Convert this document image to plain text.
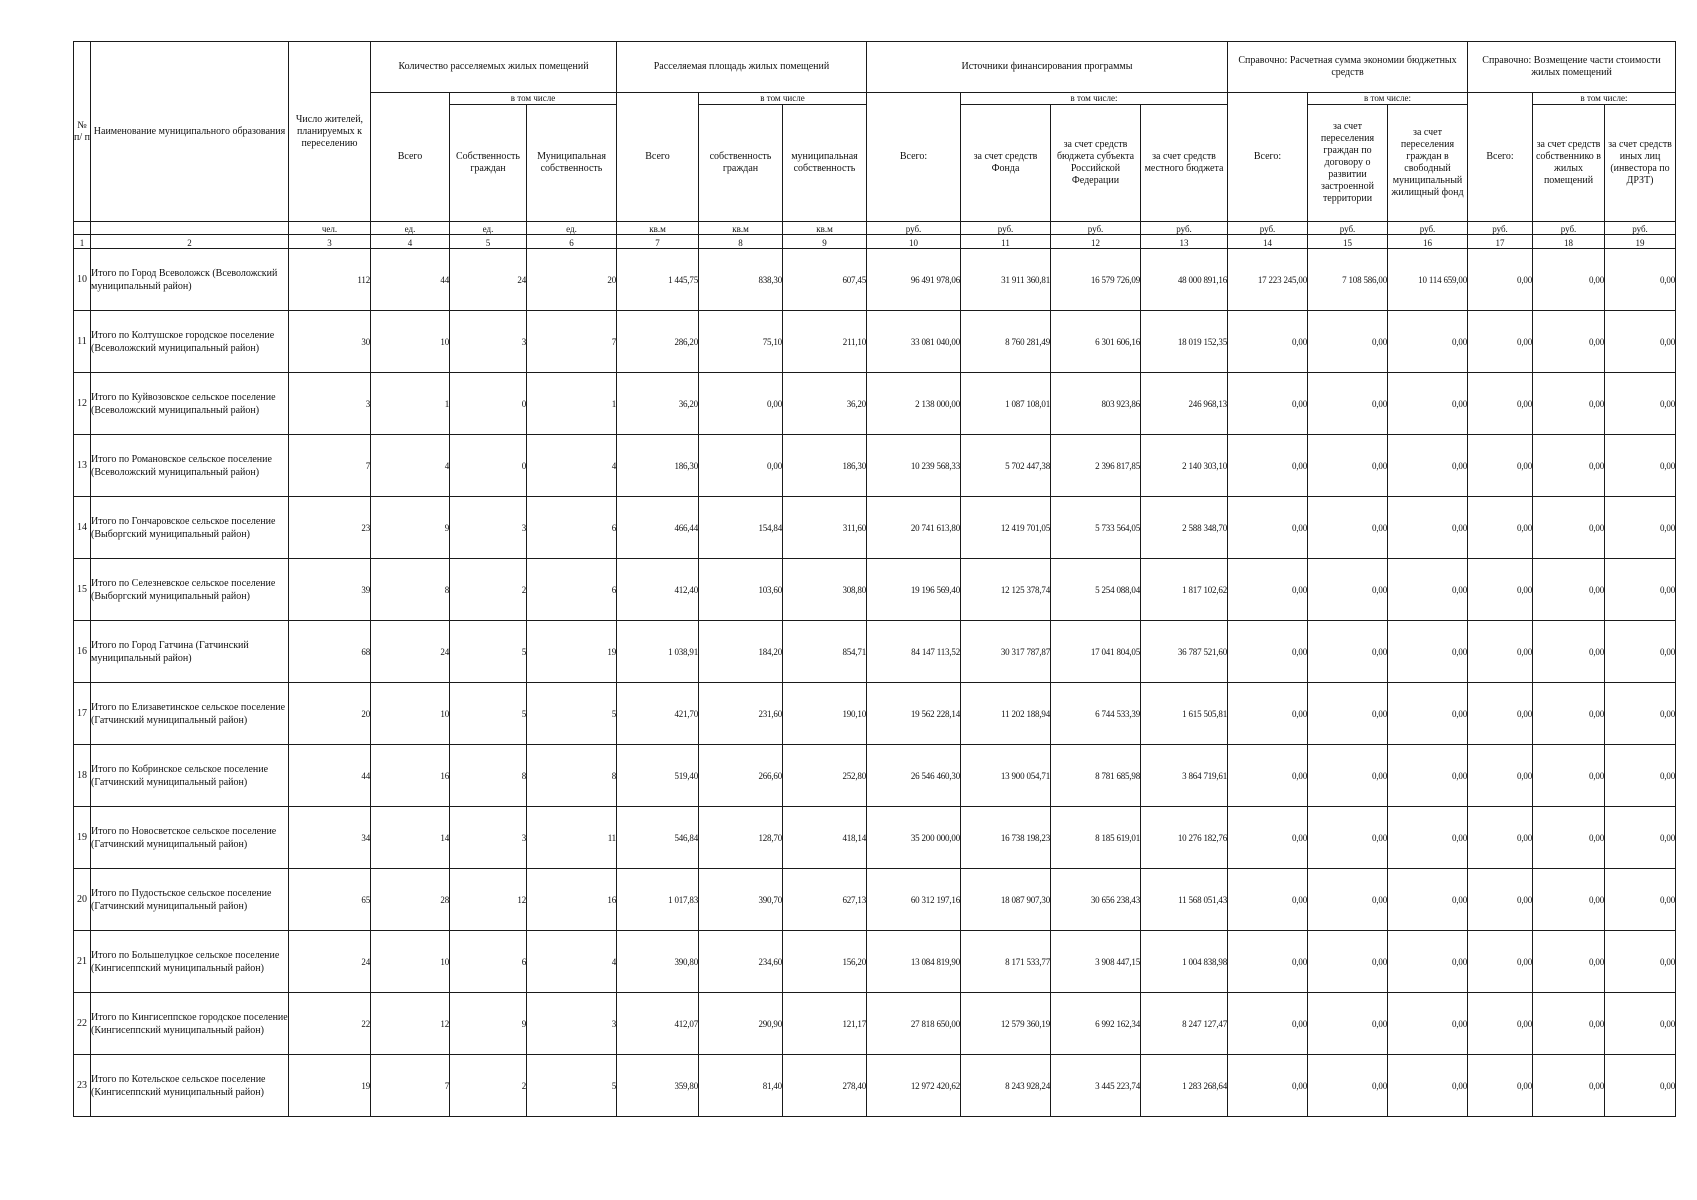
№ п/ п	Наименование муниципального образования	Число жителей, планируемых к переселению	Количество расселяемых жилых помещений			Расселяемая площадь жилых помещений			Источники финансирования программы				Справочно: Расчетная сумма экономии бюджетных средств			Справочно: Возмещение части стоимости жилых помещений		
			Всего	в том числе		Всего	в том числе		Всего:	в том числе:			Всего:	в том числе:		Всего:	в том числе:	
				Собственность граждан	Муниципальная собственность		собственность граждан	муниципальная собственность		за счет средств Фонда	за счет средств бюджета субъекта Российской Федерации	за счет средств местного бюджета		за счет переселения граждан по договору о развитии застроенной территории	за счет переселения граждан в свободный муниципальный жилищный фонд		за счет средств собственнико в жилых помещений	за счет средств иных лиц (инвестора по ДРЗТ)
		чел.	ед.	ед.	ед.	кв.м	кв.м	кв.м	руб.	руб.	руб.	руб.	руб.	руб.	руб.	руб.	руб.	руб.
1	2	3	4	5	6	7	8	9	10	11	12	13	14	15	16	17	18	19
10	Итого по Город Всеволожск (Всеволожский муниципальный район)	112	44	24	20	1 445,75	838,30	607,45	96 491 978,06	31 911 360,81	16 579 726,09	48 000 891,16	17 223 245,00	7 108 586,00	10 114 659,00	0,00	0,00	0,00
11	Итого по Колтушское городское поселение (Всеволожский муниципальный район)	30	10	3	7	286,20	75,10	211,10	33 081 040,00	8 760 281,49	6 301 606,16	18 019 152,35	0,00	0,00	0,00	0,00	0,00	0,00
12	Итого по Куйвозовское сельское поселение (Всеволожский муниципальный район)	3	1	0	1	36,20	0,00	36,20	2 138 000,00	1 087 108,01	803 923,86	246 968,13	0,00	0,00	0,00	0,00	0,00	0,00
13	Итого по Романовское сельское поселение (Всеволожский муниципальный район)	7	4	0	4	186,30	0,00	186,30	10 239 568,33	5 702 447,38	2 396 817,85	2 140 303,10	0,00	0,00	0,00	0,00	0,00	0,00
14	Итого по Гончаровское сельское поселение (Выборгский муниципальный район)	23	9	3	6	466,44	154,84	311,60	20 741 613,80	12 419 701,05	5 733 564,05	2 588 348,70	0,00	0,00	0,00	0,00	0,00	0,00
15	Итого по Селезневское сельское поселение (Выборгский муниципальный район)	39	8	2	6	412,40	103,60	308,80	19 196 569,40	12 125 378,74	5 254 088,04	1 817 102,62	0,00	0,00	0,00	0,00	0,00	0,00
16	Итого по Город Гатчина (Гатчинский муниципальный район)	68	24	5	19	1 038,91	184,20	854,71	84 147 113,52	30 317 787,87	17 041 804,05	36 787 521,60	0,00	0,00	0,00	0,00	0,00	0,00
17	Итого по Елизаветинское сельское поселение (Гатчинский муниципальный район)	20	10	5	5	421,70	231,60	190,10	19 562 228,14	11 202 188,94	6 744 533,39	1 615 505,81	0,00	0,00	0,00	0,00	0,00	0,00
18	Итого по Кобринское сельское поселение (Гатчинский муниципальный район)	44	16	8	8	519,40	266,60	252,80	26 546 460,30	13 900 054,71	8 781 685,98	3 864 719,61	0,00	0,00	0,00	0,00	0,00	0,00
19	Итого по Новосветское сельское поселение (Гатчинский муниципальный район)	34	14	3	11	546,84	128,70	418,14	35 200 000,00	16 738 198,23	8 185 619,01	10 276 182,76	0,00	0,00	0,00	0,00	0,00	0,00
20	Итого по Пудостьское сельское поселение (Гатчинский муниципальный район)	65	28	12	16	1 017,83	390,70	627,13	60 312 197,16	18 087 907,30	30 656 238,43	11 568 051,43	0,00	0,00	0,00	0,00	0,00	0,00
21	Итого по Большелуцкое сельское поселение (Кингисеппский муниципальный район)	24	10	6	4	390,80	234,60	156,20	13 084 819,90	8 171 533,77	3 908 447,15	1 004 838,98	0,00	0,00	0,00	0,00	0,00	0,00
22	Итого по Кингисеппское городское поселение (Кингисеппский муниципальный район)	22	12	9	3	412,07	290,90	121,17	27 818 650,00	12 579 360,19	6 992 162,34	8 247 127,47	0,00	0,00	0,00	0,00	0,00	0,00
23	Итого по Котельское сельское поселение (Кингисеппский муниципальный район)	19	7	2	5	359,80	81,40	278,40	12 972 420,62	8 243 928,24	3 445 223,74	1 283 268,64	0,00	0,00	0,00	0,00	0,00	0,00
